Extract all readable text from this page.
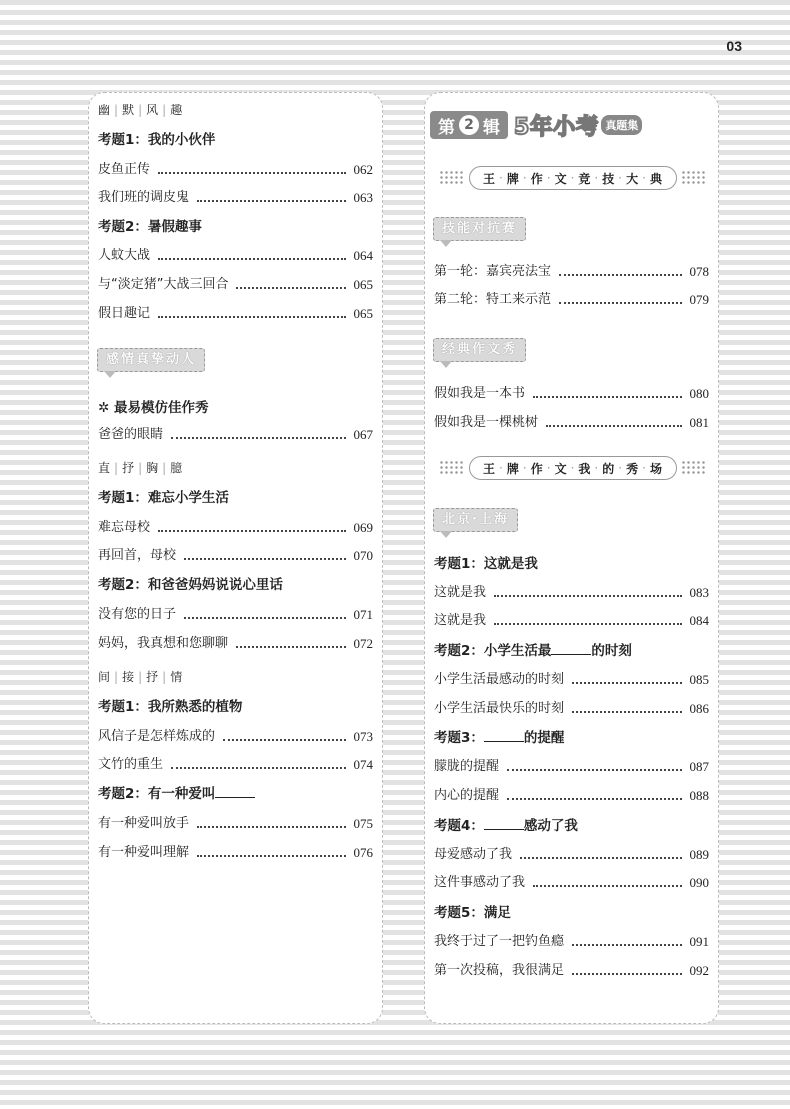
03
幽 | 默 | 风 | 趣
考题1：我的小伙伴
皮鱼正传	062
我们班的调皮鬼	063
考题2：暑假趣事
人蚊大战	064
与“淡定猪”大战三回合	065
假日趣记	065
感情真挚动人
✲ 最易模仿佳作秀
爸爸的眼睛	067
直 | 抒 | 胸 | 臆
考题1：难忘小学生活
难忘母校	069
再回首，母校	070
考题2：和爸爸妈妈说说心里话
没有您的日子	071
妈妈，我真想和您聊聊	072
间 | 接 | 抒 | 情
考题1：我所熟悉的植物
风信子是怎样炼成的	073
文竹的重生	074
考题2：有一种爱叫
有一种爱叫放手	075
有一种爱叫理解	076
第 2 辑 5年小考 真题集
王 · 牌 · 作 · 文 · 竞 · 技 · 大 · 典
技能对抗赛
第一轮：嘉宾亮法宝	078
第二轮：特工来示范	079
经典作文秀
假如我是一本书	080
假如我是一棵桃树	081
王 · 牌 · 作 · 文 · 我 · 的 · 秀 · 场
北京·上海
考题1：这就是我
这就是我	083
这就是我	084
考题2：小学生活最	的时刻
小学生活最感动的时刻	085
小学生活最快乐的时刻	086
考题3：	的提醒
朦胧的提醒	087
内心的提醒	088
考题4：	感动了我
母爱感动了我	089
这件事感动了我	090
考题5：满足
我终于过了一把钓鱼瘾	091
第一次投稿，我很满足	092
